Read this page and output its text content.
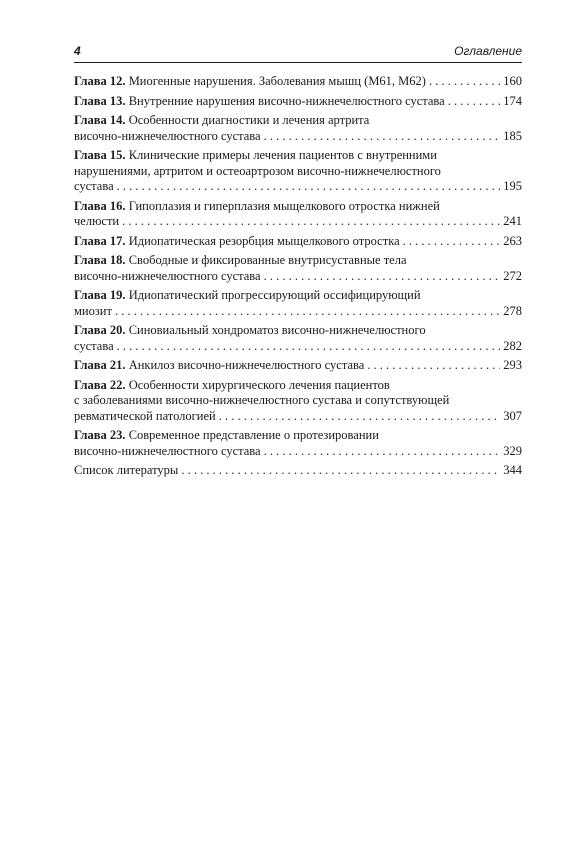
4	Оглавление
Глава 12. Миогенные нарушения. Заболевания мышц (M61, M62) . . .	160
Глава 13. Внутренние нарушения височно-нижнечелюстного сустава . . .	174
Глава 14. Особенности диагностики и лечения артрита
височно-нижнечелюстного сустава . . .	185
Глава 15. Клинические примеры лечения пациентов с внутренними
нарушениями, артритом и остеоартрозом височно-нижнечелюстного
сустава . . .	195
Глава 16. Гипоплазия и гиперплазия мыщелкового отростка нижней
челюсти . . .	241
Глава 17. Идиопатическая резорбция мыщелкового отростка . . .	263
Глава 18. Свободные и фиксированные внутрисуставные тела
височно-нижнечелюстного сустава . . .	272
Глава 19. Идиопатический прогрессирующий оссифицирующий
миозит . . .	278
Глава 20. Синовиальный хондроматоз височно-нижнечелюстного
сустава . . .	282
Глава 21. Анкилоз височно-нижнечелюстного сустава . . .	293
Глава 22. Особенности хирургического лечения пациентов
с заболеваниями височно-нижнечелюстного сустава и сопутствующей
ревматической патологией . . .	307
Глава 23. Современное представление о протезировании
височно-нижнечелюстного сустава . . .	329
Список литературы . . .	344
